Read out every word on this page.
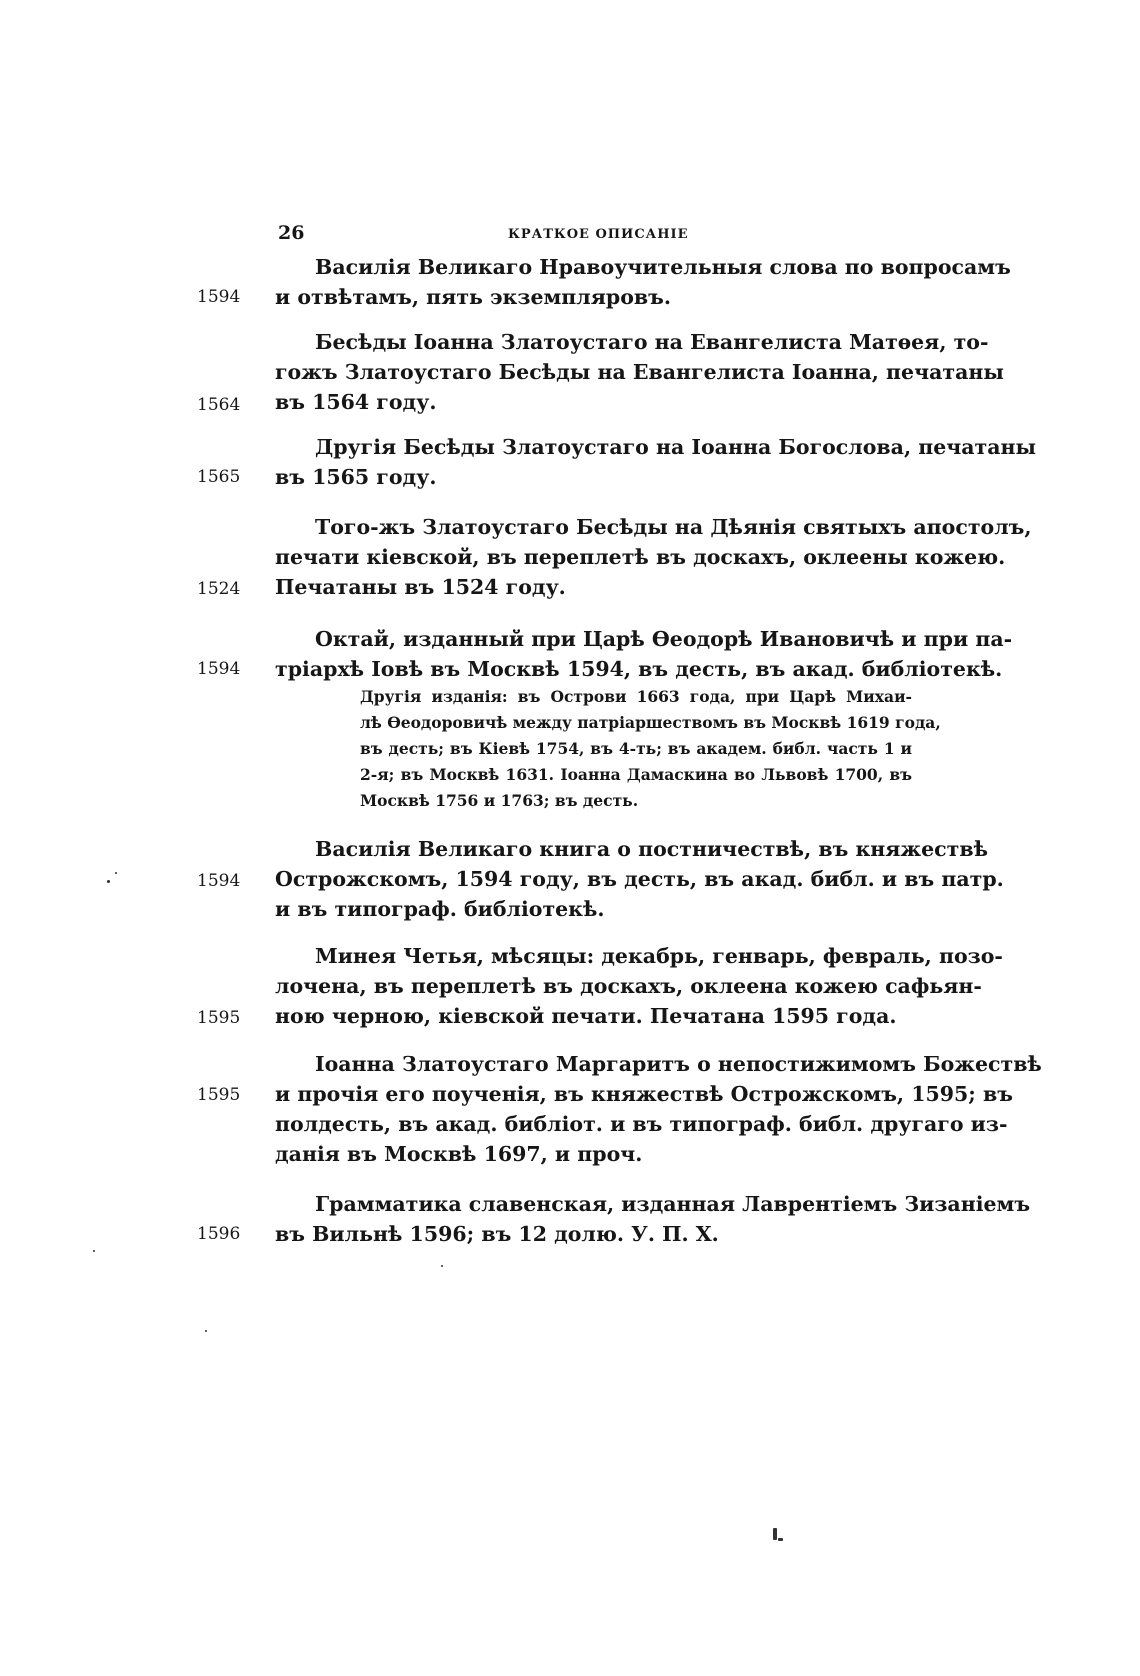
26	КРАТКОЕ ОПИСАНІЕ
Василія Великаго Нравоучительныя слова по вопросамъ
и отвѣтамъ, пять экземпляровъ.
1594
Бесѣды Іоанна Златоустаго на Евангелиста Матѳея, то-
гожъ Златоустаго Бесѣды на Евангелиста Іоанна, печатаны
въ 1564 году.
1564
Другія Бесѣды Златоустаго на Іоанна Богослова, печатаны
въ 1565 году.
1565
Того-жъ Златоустаго Бесѣды на Дѣянія святыхъ апостолъ,
печати кіевской, въ переплетѣ въ доскахъ, оклеены кожею.
Печатаны въ 1524 году.
1524
Октай, изданный при Царѣ Ѳеодорѣ Ивановичѣ и при па-
тріархѣ Іовѣ въ Москвѣ 1594, въ десть, въ акад. библіотекѣ.
1594
Другія изданія: въ Острови 1663 года, при Царѣ Михаи-
лѣ Ѳеодоровичѣ между патріаршествомъ въ Москвѣ 1619 года,
въ десть; въ Кіевѣ 1754, въ 4-ть; въ академ. библ. часть 1 и
2-я; въ Москвѣ 1631. Іоанна Дамаскина во Львовѣ 1700, въ
Москвѣ 1756 и 1763; въ десть.
Василія Великаго книга о постничествѣ, въ княжествѣ
Острожскомъ, 1594 году, въ десть, въ акад. библ. и въ патр.
и въ типограф. библіотекѣ.
1594
Минея Четья, мѣсяцы: декабрь, генварь, февраль, позо-
лочена, въ переплетѣ въ доскахъ, оклеена кожею сафьян-
ною черною, кіевской печати. Печатана 1595 года.
1595
Іоанна Златоустаго Маргаритъ о непостижимомъ Божествѣ
и прочія его поученія, въ княжествѣ Острожскомъ, 1595; въ
полдесть, въ акад. библіот. и въ типограф. библ. другаго из-
данія въ Москвѣ 1697, и проч.
1595
Грамматика славенская, изданная Лаврентіемъ Зизаніемъ
въ Вильнѣ 1596; въ 12 долю. У. П. Х.
1596
